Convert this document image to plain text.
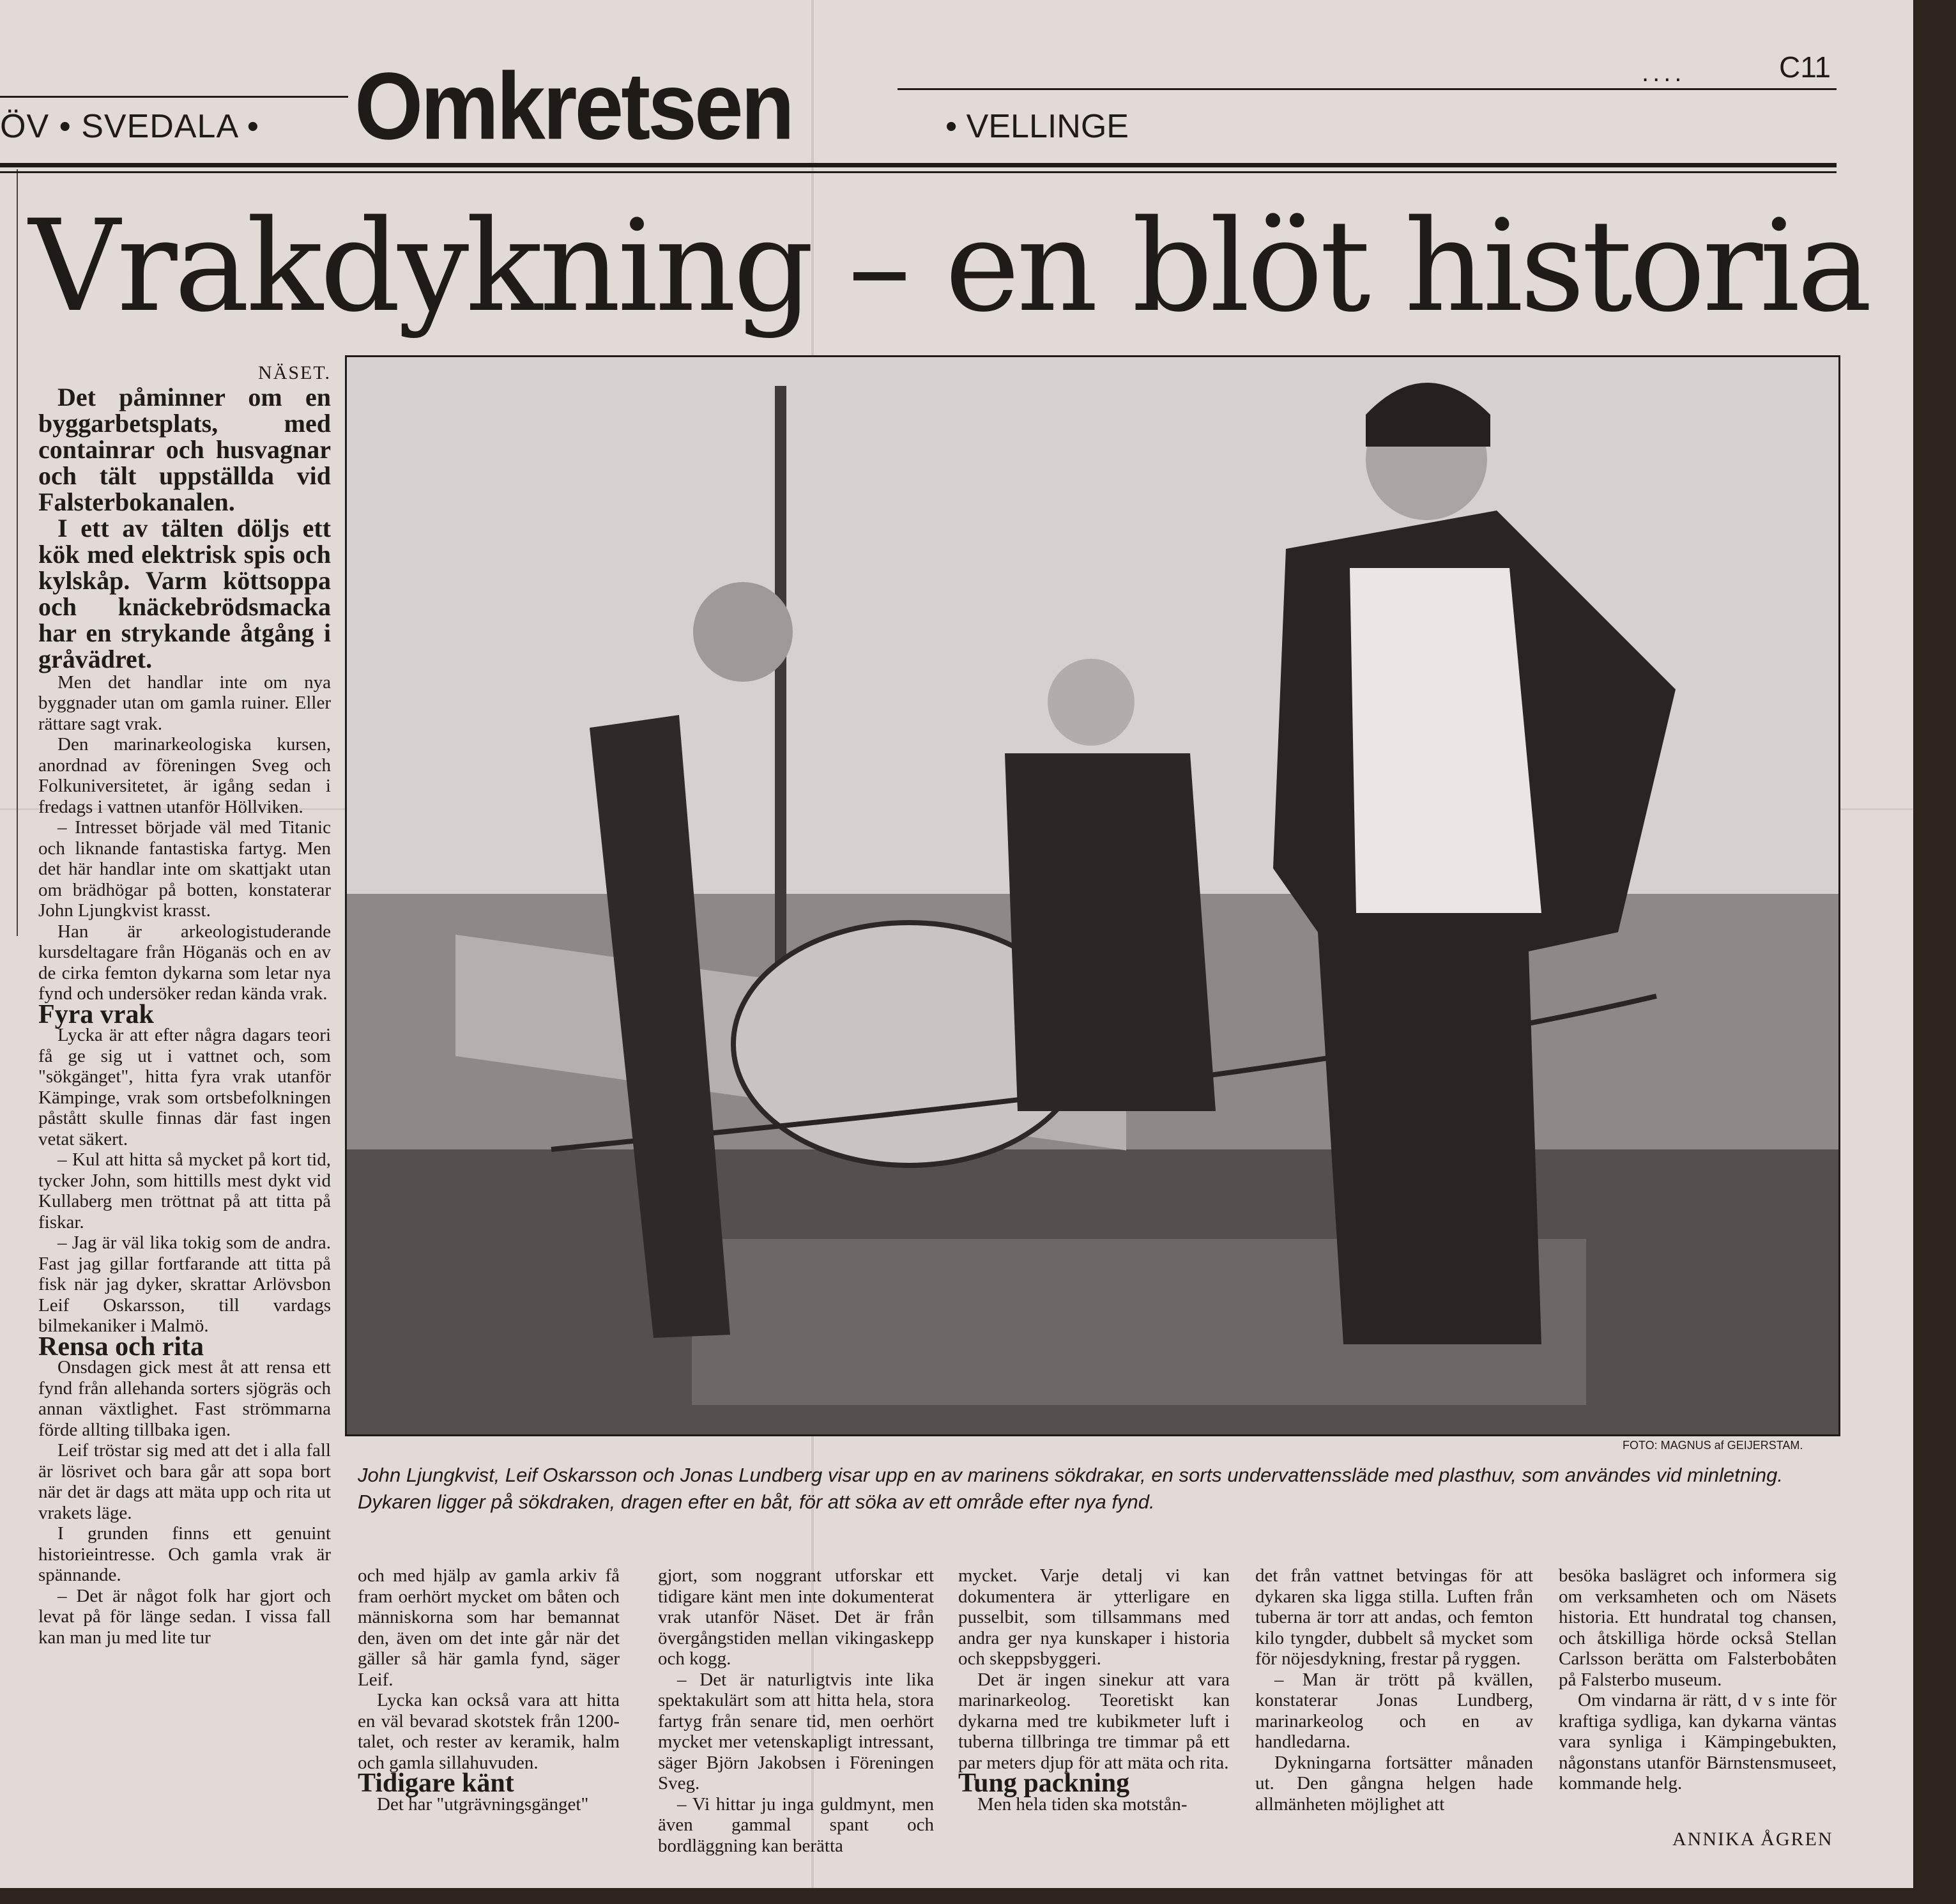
....	C11
ÖV • SVEDALA • Omkretsen	• VELLINGE
Vrakdykning – en blöt historia
FOTO: MAGNUS af GEIJERSTAM.
John Ljungkvist, Leif Oskarsson och Jonas Lundberg visar upp en av marinens sökdrakar, en sorts undervattenssläde med plasthuv, som användes vid minletning. Dykaren ligger på sökdraken, dragen efter en båt, för att söka av ett område efter nya fynd.

NÄSET.

Det påminner om en byggarbetsplats, med containrar och husvagnar och tält uppställda vid Falsterbokanalen.

I ett av tälten döljs ett kök med elektrisk spis och kylskåp. Varm köttsoppa och knäckebrödsmacka har en strykande åtgång i gråvädret.

Men det handlar inte om nya byggnader utan om gamla ruiner. Eller rättare sagt vrak.

Den marinarkeologiska kursen, anordnad av föreningen Sveg och Folkuniversitetet, är igång sedan i fredags i vattnen utanför Höllviken.

– Intresset började väl med Titanic och liknande fantastiska fartyg. Men det här handlar inte om skattjakt utan om brädhögar på botten, konstaterar John Ljungkvist krasst.

Han är arkeologistuderande kursdeltagare från Höganäs och en av de cirka femton dykarna som letar nya fynd och undersöker redan kända vrak.

Fyra vrak

Lycka är att efter några dagars teori få ge sig ut i vattnet och, som "sökgänget", hitta fyra vrak utanför Kämpinge, vrak som ortsbefolkningen påstått skulle finnas där fast ingen vetat säkert.

– Kul att hitta så mycket på kort tid, tycker John, som hittills mest dykt vid Kullaberg men tröttnat på att titta på fiskar.

– Jag är väl lika tokig som de andra. Fast jag gillar fortfarande att titta på fisk när jag dyker, skrattar Arlövsbon Leif Oskarsson, till vardags bilmekaniker i Malmö.

Rensa och rita

Onsdagen gick mest åt att rensa ett fynd från allehanda sorters sjögräs och annan växtlighet. Fast strömmarna förde allting tillbaka igen.

Leif tröstar sig med att det i alla fall är lösrivet och bara går att sopa bort när det är dags att mäta upp och rita ut vrakets läge.

I grunden finns ett genuint historieintresse. Och gamla vrak är spännande.

– Det är något folk har gjort och levat på för länge sedan. I vissa fall kan man ju med lite tur

och med hjälp av gamla arkiv få fram oerhört mycket om båten och människorna som har bemannat den, även om det inte går när det gäller så här gamla fynd, säger Leif.

Lycka kan också vara att hitta en väl bevarad skotstek från 1200-talet, och rester av keramik, halm och gamla sillahuvuden.

Tidigare känt

Det har "utgrävningsgänget"

gjort, som noggrant utforskar ett tidigare känt men inte dokumenterat vrak utanför Näset. Det är från övergångstiden mellan vikingaskepp och kogg.

– Det är naturligtvis inte lika spektakulärt som att hitta hela, stora fartyg från senare tid, men oerhört mycket mer vetenskapligt intressant, säger Björn Jakobsen i Föreningen Sveg.

– Vi hittar ju inga guldmynt, men även gammal spant och bordläggning kan berätta

mycket. Varje detalj vi kan dokumentera är ytterligare en pusselbit, som tillsammans med andra ger nya kunskaper i historia och skeppsbyggeri.

Det är ingen sinekur att vara marinarkeolog. Teoretiskt kan dykarna med tre kubikmeter luft i tuberna tillbringa tre timmar på ett par meters djup för att mäta och rita.

Tung packning

Men hela tiden ska motstån-

det från vattnet betvingas för att dykaren ska ligga stilla. Luften från tuberna är torr att andas, och femton kilo tyngder, dubbelt så mycket som för nöjesdykning, frestar på ryggen.

– Man är trött på kvällen, konstaterar Jonas Lundberg, marinarkeolog och en av handledarna.

Dykningarna fortsätter månaden ut. Den gångna helgen hade allmänheten möjlighet att

besöka baslägret och informera sig om verksamheten och om Näsets historia. Ett hundratal tog chansen, och åtskilliga hörde också Stellan Carlsson berätta om Falsterbobåten på Falsterbo museum.

Om vindarna är rätt, d v s inte för kraftiga sydliga, kan dykarna väntas vara synliga i Kämpingebukten, någonstans utanför Bärnstensmuseet, kommande helg.

ANNIKA ÅGREN
